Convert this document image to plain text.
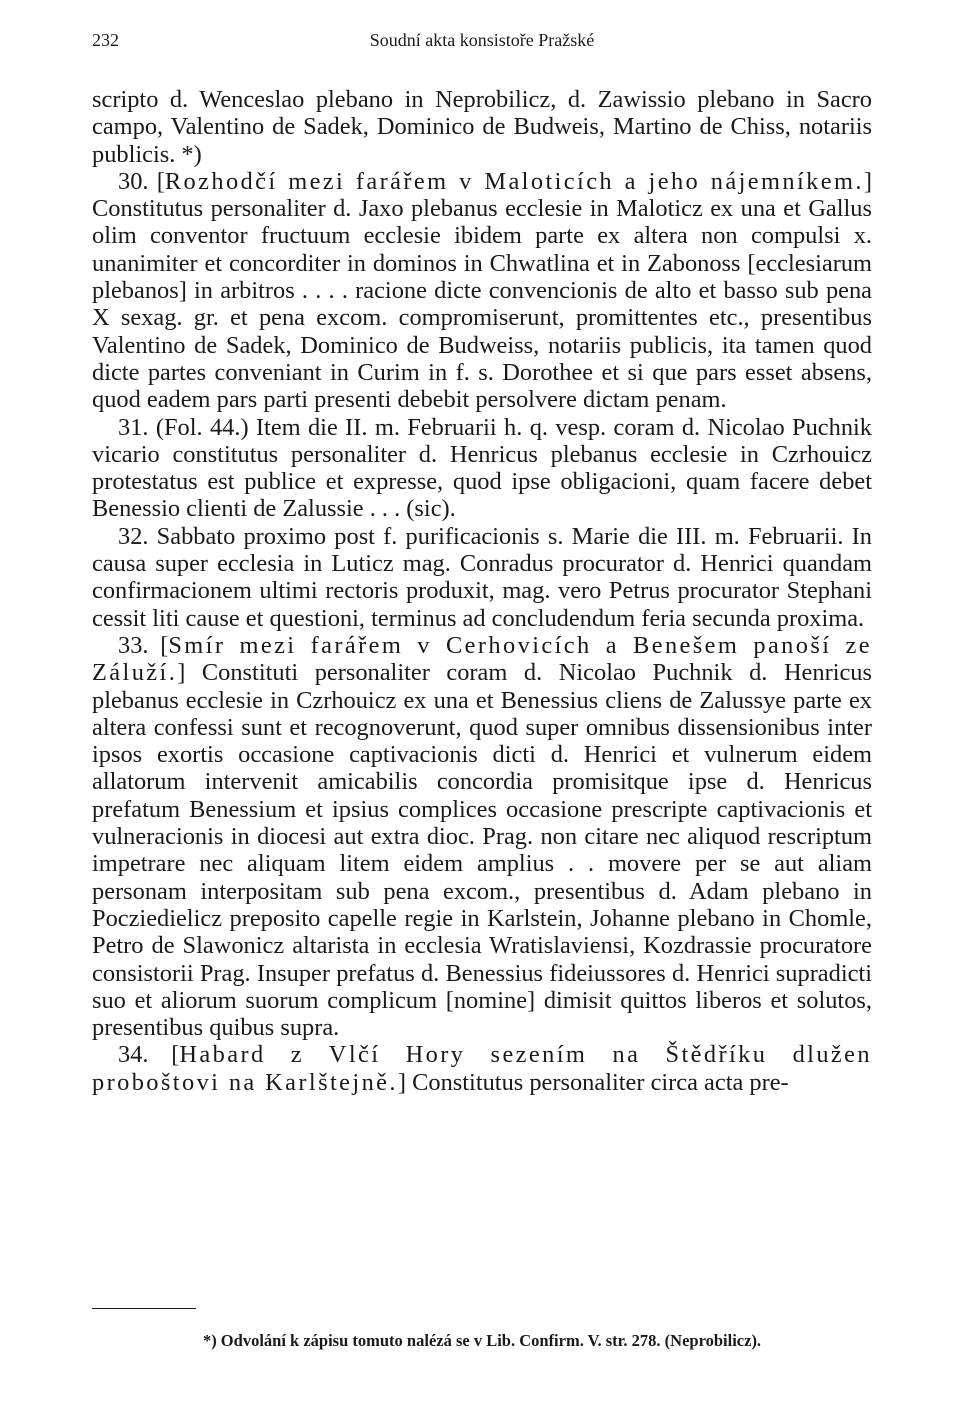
232	Soudní akta konsistoře Pražské

scripto d. Wenceslao plebano in Neprobilicz, d. Zawissio plebano in Sacro campo, Valentino de Sadek, Dominico de Budweis, Martino de Chiss, notariis publicis. *)

30. [Rozhodčí mezi farářem v Maloticích a jeho nájemníkem.] Constitutus personaliter d. Jaxo plebanus ecclesie in Maloticz ex una et Gallus olim conventor fructuum ecclesie ibidem parte ex altera non compulsi x. unanimiter et concorditer in dominos in Chwatlina et in Zabonoss [ecclesiarum plebanos] in arbitros . . . . racione dicte convencionis de alto et basso sub pena X sexag. gr. et pena excom. compromiserunt, promittentes etc., presentibus Valentino de Sadek, Dominico de Budweiss, notariis publicis, ita tamen quod dicte partes conveniant in Curim in f. s. Dorothee et si que pars esset absens, quod eadem pars parti presenti debebit persolvere dictam penam.

31. (Fol. 44.) Item die II. m. Februarii h. q. vesp. coram d. Nicolao Puchnik vicario constitutus personaliter d. Henricus plebanus ecclesie in Czrhouicz protestatus est publice et expresse, quod ipse obligacioni, quam facere debet Benessio clienti de Zalussie . . . (sic).

32. Sabbato proximo post f. purificacionis s. Marie die III. m. Februarii. In causa super ecclesia in Luticz mag. Conradus procurator d. Henrici quandam confirmacionem ultimi rectoris produxit, mag. vero Petrus procurator Stephani cessit liti cause et questioni, terminus ad concludendum feria secunda proxima.

33. [Smír mezi farářem v Cerhovicích a Benešem panoší ze Záluží.] Constituti personaliter coram d. Nicolao Puchnik d. Henricus plebanus ecclesie in Czrhouicz ex una et Benessius cliens de Zalussye parte ex altera confessi sunt et recognoverunt, quod super omnibus dissensionibus inter ipsos exortis occasione captivacionis dicti d. Henrici et vulnerum eidem allatorum intervenit amicabilis concordia promisitque ipse d. Henricus prefatum Benessium et ipsius complices occasione prescripte captivacionis et vulneracionis in diocesi aut extra dioc. Prag. non citare nec aliquod rescriptum impetrare nec aliquam litem eidem amplius . . movere per se aut aliam personam interpositam sub pena excom., presentibus d. Adam plebano in Pocziedielicz preposito capelle regie in Karlstein, Johanne plebano in Chomle, Petro de Slawonicz altarista in ecclesia Wratislaviensi, Kozdrassie procuratore consistorii Prag. Insuper prefatus d. Benessius fideiussores d. Henrici supradicti suo et aliorum suorum complicum [nomine] dimisit quittos liberos et solutos, presentibus quibus supra.

34. [Habard z Vlčí Hory sezením na Štědříku dlužen proboštovi na Karlštejně.] Constitutus personaliter circa acta pre-

*) Odvolání k zápisu tomuto nalézá se v Lib. Confirm. V. str. 278. (Neprobilicz).
